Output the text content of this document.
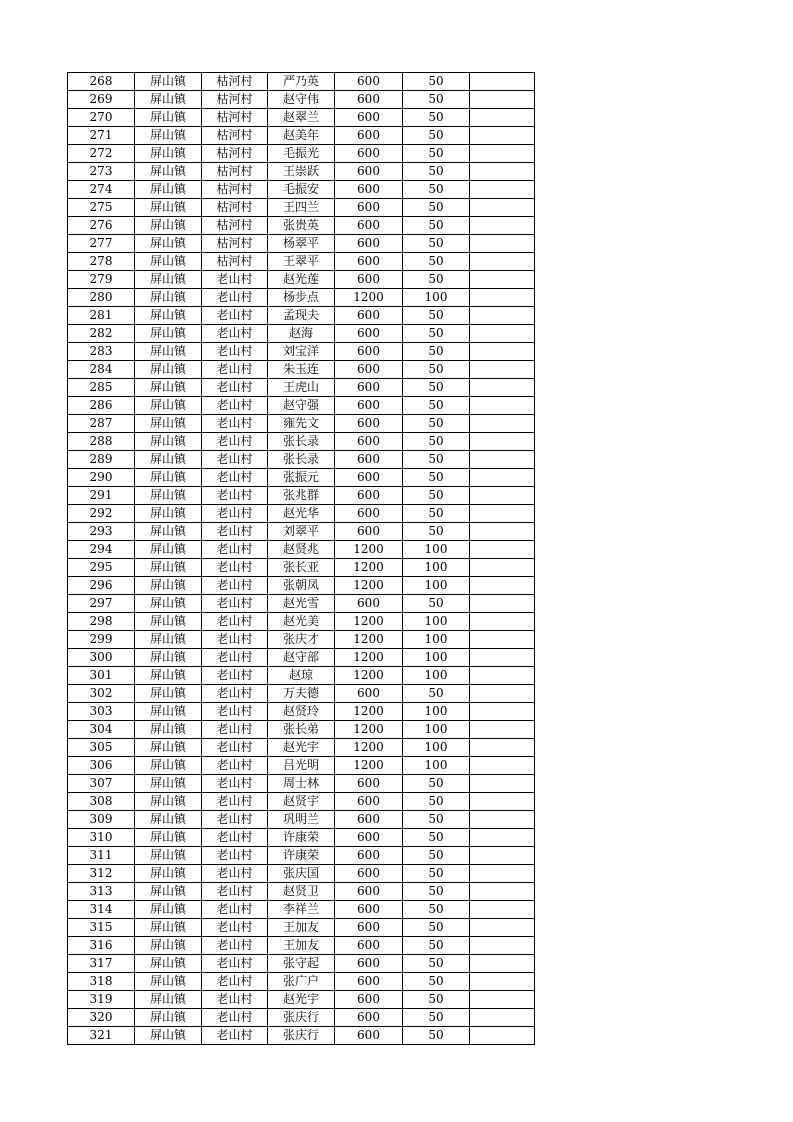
268	屏山镇	枯河村	严乃英	600	50	
269	屏山镇	枯河村	赵守伟	600	50	
270	屏山镇	枯河村	赵翠兰	600	50	
271	屏山镇	枯河村	赵美年	600	50	
272	屏山镇	枯河村	毛振光	600	50	
273	屏山镇	枯河村	王崇跃	600	50	
274	屏山镇	枯河村	毛振安	600	50	
275	屏山镇	枯河村	王四兰	600	50	
276	屏山镇	枯河村	张贵英	600	50	
277	屏山镇	枯河村	杨翠平	600	50	
278	屏山镇	枯河村	王翠平	600	50	
279	屏山镇	老山村	赵光莲	600	50	
280	屏山镇	老山村	杨步点	1200	100	
281	屏山镇	老山村	孟现夫	600	50	
282	屏山镇	老山村	赵海	600	50	
283	屏山镇	老山村	刘宝洋	600	50	
284	屏山镇	老山村	朱玉连	600	50	
285	屏山镇	老山村	王虎山	600	50	
286	屏山镇	老山村	赵守强	600	50	
287	屏山镇	老山村	雍先文	600	50	
288	屏山镇	老山村	张长录	600	50	
289	屏山镇	老山村	张长录	600	50	
290	屏山镇	老山村	张振元	600	50	
291	屏山镇	老山村	张兆群	600	50	
292	屏山镇	老山村	赵光华	600	50	
293	屏山镇	老山村	刘翠平	600	50	
294	屏山镇	老山村	赵贤兆	1200	100	
295	屏山镇	老山村	张长亚	1200	100	
296	屏山镇	老山村	张朝凤	1200	100	
297	屏山镇	老山村	赵光雪	600	50	
298	屏山镇	老山村	赵光美	1200	100	
299	屏山镇	老山村	张庆才	1200	100	
300	屏山镇	老山村	赵守部	1200	100	
301	屏山镇	老山村	赵琼	1200	100	
302	屏山镇	老山村	万夫德	600	50	
303	屏山镇	老山村	赵贤玲	1200	100	
304	屏山镇	老山村	张长弟	1200	100	
305	屏山镇	老山村	赵光宇	1200	100	
306	屏山镇	老山村	吕光明	1200	100	
307	屏山镇	老山村	周士林	600	50	
308	屏山镇	老山村	赵贤宇	600	50	
309	屏山镇	老山村	巩明兰	600	50	
310	屏山镇	老山村	许康荣	600	50	
311	屏山镇	老山村	许康荣	600	50	
312	屏山镇	老山村	张庆国	600	50	
313	屏山镇	老山村	赵贤卫	600	50	
314	屏山镇	老山村	李祥兰	600	50	
315	屏山镇	老山村	王加友	600	50	
316	屏山镇	老山村	王加友	600	50	
317	屏山镇	老山村	张守起	600	50	
318	屏山镇	老山村	张广户	600	50	
319	屏山镇	老山村	赵光宇	600	50	
320	屏山镇	老山村	张庆行	600	50	
321	屏山镇	老山村	张庆行	600	50	
